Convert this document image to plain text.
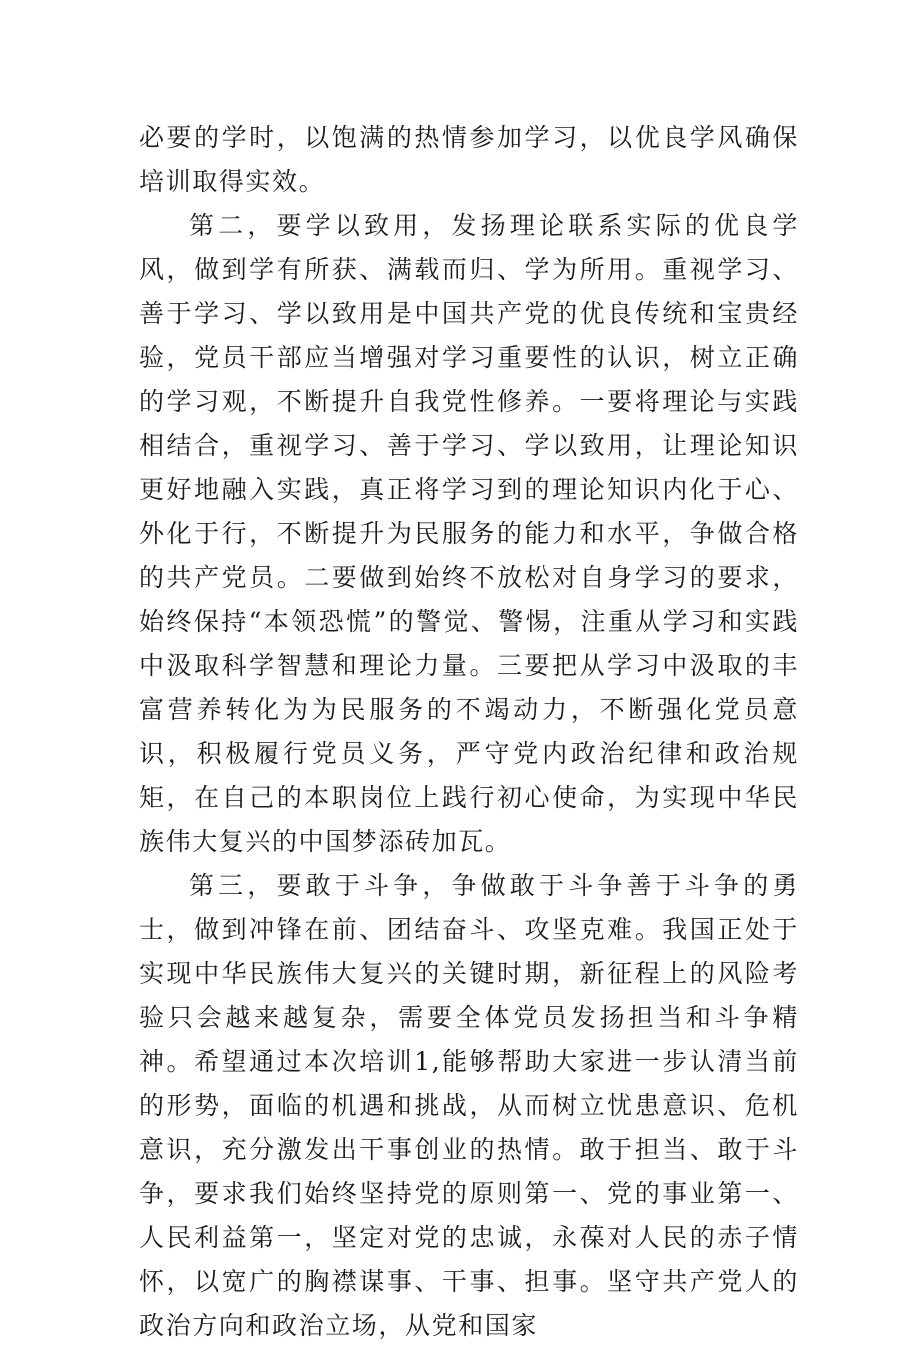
必要的学时，以饱满的热情参加学习，以优良学风确保培训取得实效。

第二，要学以致用，发扬理论联系实际的优良学风，做到学有所获、满载而归、学为所用。重视学习、善于学习、学以致用是中国共产党的优良传统和宝贵经验，党员干部应当增强对学习重要性的认识，树立正确的学习观，不断提升自我党性修养。一要将理论与实践相结合，重视学习、善于学习、学以致用，让理论知识更好地融入实践，真正将学习到的理论知识内化于心、外化于行，不断提升为民服务的能力和水平，争做合格的共产党员。二要做到始终不放松对自身学习的要求，始终保持“本领恐慌”的警觉、警惕，注重从学习和实践中汲取科学智慧和理论力量。三要把从学习中汲取的丰富营养转化为为民服务的不竭动力，不断强化党员意识，积极履行党员义务，严守党内政治纪律和政治规矩，在自己的本职岗位上践行初心使命，为实现中华民族伟大复兴的中国梦添砖加瓦。

第三，要敢于斗争，争做敢于斗争善于斗争的勇士，做到冲锋在前、团结奋斗、攻坚克难。我国正处于实现中华民族伟大复兴的关键时期，新征程上的风险考验只会越来越复杂，需要全体党员发扬担当和斗争精神。希望通过本次培训1,能够帮助大家进一步认清当前的形势，面临的机遇和挑战，从而树立忧患意识、危机意识，充分激发出干事创业的热情。敢于担当、敢于斗争，要求我们始终坚持党的原则第一、党的事业第一、人民利益第一，坚定对党的忠诚，永葆对人民的赤子情怀，以宽广的胸襟谋事、干事、担事。坚守共产党人的政治方向和政治立场，从党和国家
